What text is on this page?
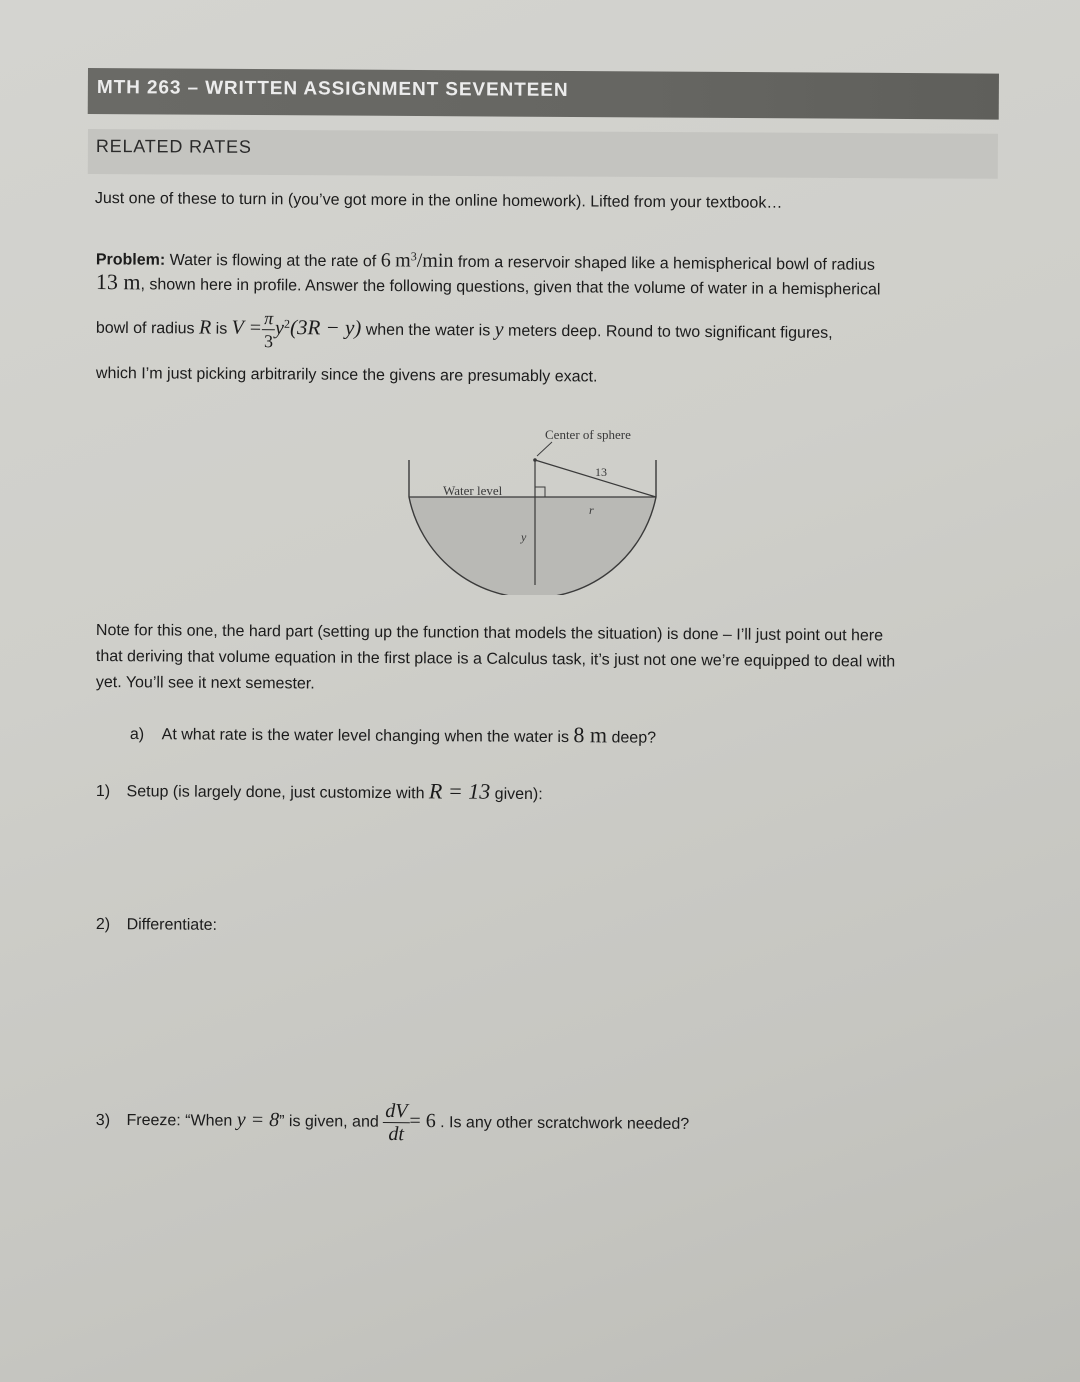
MTH 263 – WRITTEN ASSIGNMENT SEVENTEEN
RELATED RATES
Just one of these to turn in (you’ve got more in the online homework). Lifted from your textbook…
Problem: Water is flowing at the rate of 6 $m^3/\min$ from a reservoir shaped like a hemispherical bowl of radius
13 m, shown here in profile. Answer the following questions, given that the volume of water in a hemispherical
bowl of radius R is $V = \frac{\pi}{3} y^2(3R - y)$ when the water is y meters deep. Round to two significant figures,
which I’m just picking arbitrarily since the givens are presumably exact.
Center of sphere
13
Water level
r
y
Note for this one, the hard part (setting up the function that models the situation) is done – I’ll just point out here
that deriving that volume equation in the first place is a Calculus task, it’s just not one we’re equipped to deal with
yet. You’ll see it next semester.
a) At what rate is the water level changing when the water is 8 m deep?
1) Setup (is largely done, just customize with R = 13 given):
2) Differentiate:
3) Freeze: “When y = 8” is given, and $\frac{dV}{dt} = 6$ . Is any other scratchwork needed?
